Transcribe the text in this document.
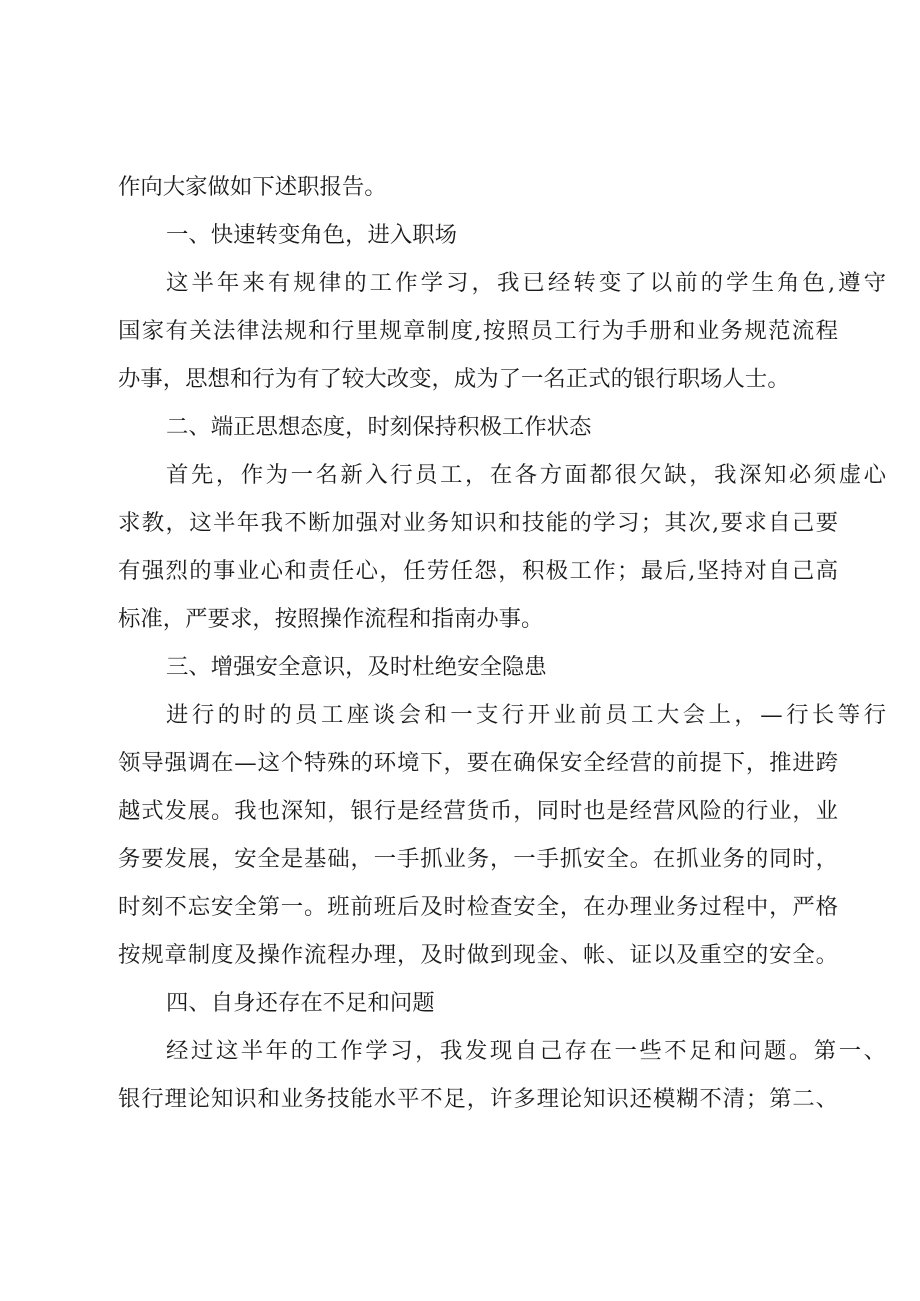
作向大家做如下述职报告。
一、快速转变角色，进入职场
这半年来有规律的工作学习，我已经转变了以前的学生角色,遵守
国家有关法律法规和行里规章制度,按照员工行为手册和业务规范流程
办事，思想和行为有了较大改变，成为了一名正式的银行职场人士。
二、端正思想态度，时刻保持积极工作状态
首先，作为一名新入行员工，在各方面都很欠缺，我深知必须虚心
求教，这半年我不断加强对业务知识和技能的学习；其次,要求自己要
有强烈的事业心和责任心，任劳任怨，积极工作；最后,坚持对自己高
标准，严要求，按照操作流程和指南办事。
三、增强安全意识，及时杜绝安全隐患
进行的时的员工座谈会和一支行开业前员工大会上，—行长等行
领导强调在—这个特殊的环境下，要在确保安全经营的前提下，推进跨
越式发展。我也深知，银行是经营货币，同时也是经营风险的行业，业
务要发展，安全是基础，一手抓业务，一手抓安全。在抓业务的同时，
时刻不忘安全第一。班前班后及时检查安全，在办理业务过程中，严格
按规章制度及操作流程办理，及时做到现金、帐、证以及重空的安全。
四、自身还存在不足和问题
经过这半年的工作学习，我发现自己存在一些不足和问题。第一、
银行理论知识和业务技能水平不足，许多理论知识还模糊不清；第二、
